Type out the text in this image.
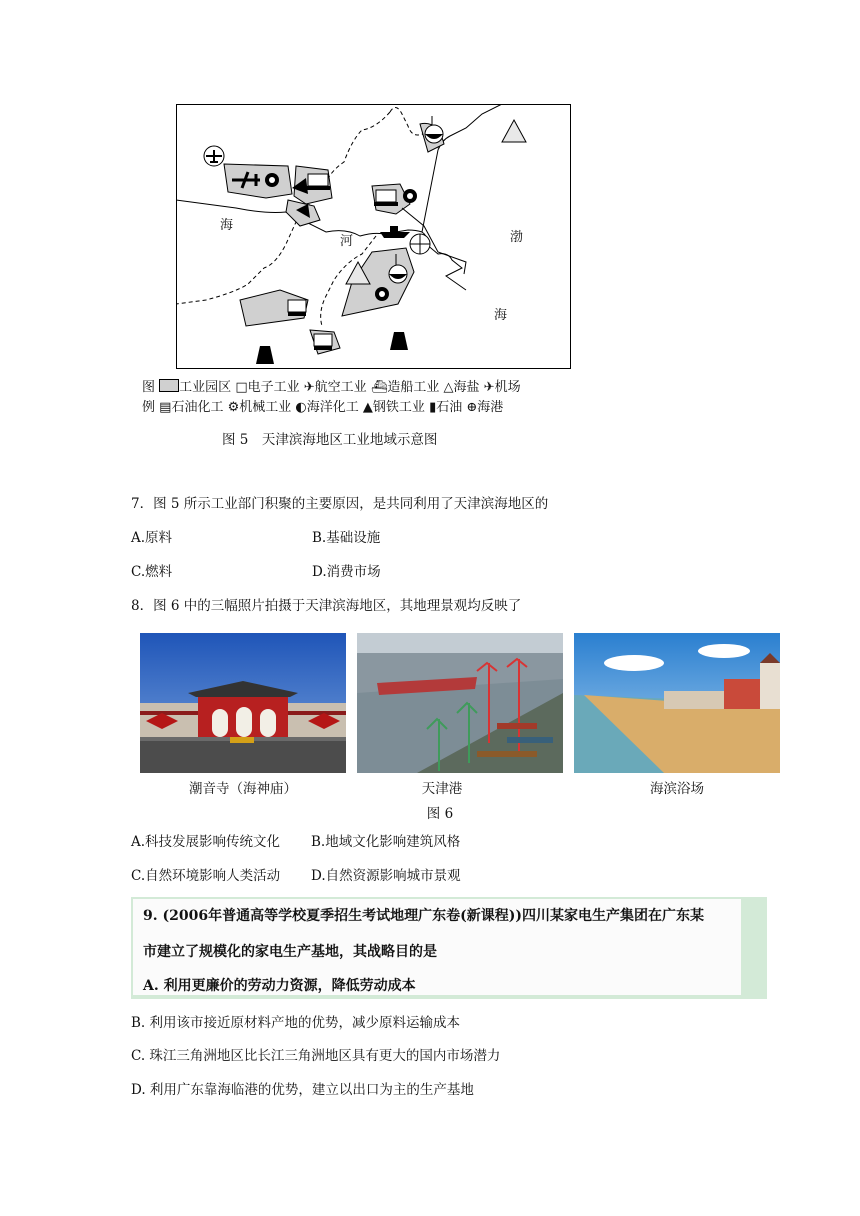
海
河	渤
海
图 工业园区 □电子工业 ✈航空工业 ⛴造船工业 △海盐 ✈机场
例 ▤石油化工 ⚙机械工业 ◐海洋化工 ▲钢铁工业 ▮石油 ⊕海港
图 5　天津滨海地区工业地域示意图
7．图 5 所示工业部门积聚的主要原因，是共同利用了天津滨海地区的
A.原料	B.基础设施
C.燃料	D.消费市场
8．图 6 中的三幅照片拍摄于天津滨海地区，其地理景观均反映了
潮音寺（海神庙）	天津港	海滨浴场
图 6
A.科技发展影响传统文化 B.地域文化影响建筑风格
C.自然环境影响人类活动 D.自然资源影响城市景观
9. (2006年普通高等学校夏季招生考试地理广东卷(新课程))四川某家电生产集团在广东某
市建立了规模化的家电生产基地，其战略目的是
A. 利用更廉价的劳动力资源，降低劳动成本
B. 利用该市接近原材料产地的优势，减少原料运输成本
C. 珠江三角洲地区比长江三角洲地区具有更大的国内市场潜力
D. 利用广东靠海临港的优势，建立以出口为主的生产基地
